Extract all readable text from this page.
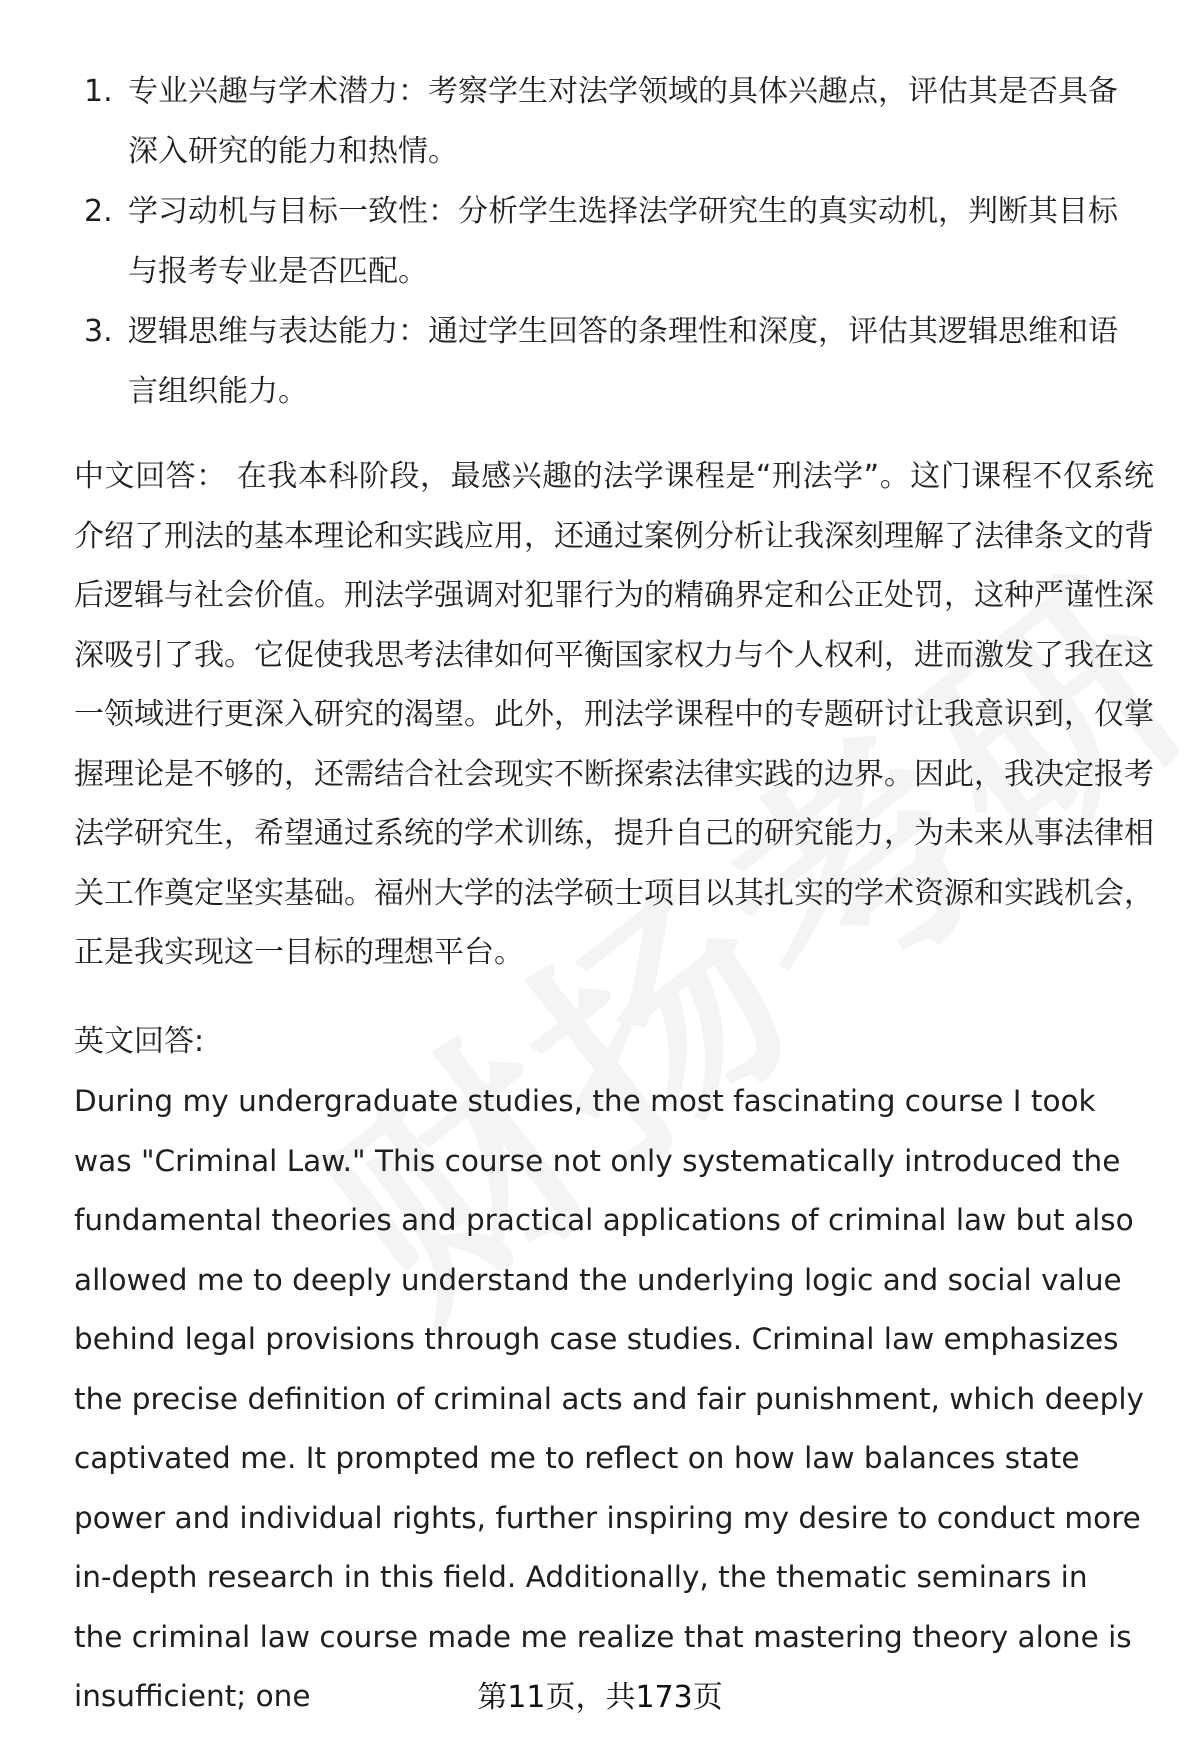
1. 专业兴趣与学术潜力：考察学生对法学领域的具体兴趣点，评估其是否具备深入研究的能力和热情。
2. 学习动机与目标一致性：分析学生选择法学研究生的真实动机，判断其目标与报考专业是否匹配。
3. 逻辑思维与表达能力：通过学生回答的条理性和深度，评估其逻辑思维和语言组织能力。

中文回答： 在我本科阶段，最感兴趣的法学课程是“刑法学”。这门课程不仅系统介绍了刑法的基本理论和实践应用，还通过案例分析让我深刻理解了法律条文的背后逻辑与社会价值。刑法学强调对犯罪行为的精确界定和公正处罚，这种严谨性深深吸引了我。它促使我思考法律如何平衡国家权力与个人权利，进而激发了我在这一领域进行更深入研究的渴望。此外，刑法学课程中的专题研讨让我意识到，仅掌握理论是不够的，还需结合社会现实不断探索法律实践的边界。因此，我决定报考法学研究生，希望通过系统的学术训练，提升自己的研究能力，为未来从事法律相关工作奠定坚实基础。福州大学的法学硕士项目以其扎实的学术资源和实践机会，正是我实现这一目标的理想平台。

英文回答:

During my undergraduate studies, the most fascinating course I took was "Criminal Law." This course not only systematically introduced the fundamental theories and practical applications of criminal law but also allowed me to deeply understand the underlying logic and social value behind legal provisions through case studies. Criminal law emphasizes the precise definition of criminal acts and fair punishment, which deeply captivated me. It prompted me to reflect on how law balances state power and individual rights, further inspiring my desire to conduct more in-depth research in this field. Additionally, the thematic seminars in the criminal law course made me realize that mastering theory alone is insufficient; one	第11页，共173页
